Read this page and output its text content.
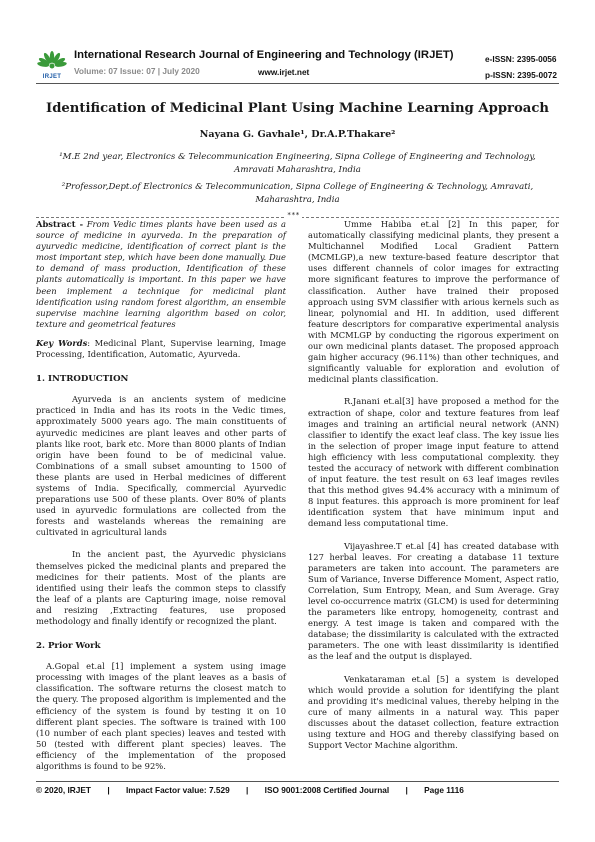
IRJET
International Research Journal of Engineering and Technology (IRJET)
Volume: 07 Issue: 07 | July 2020	www.irjet.net
e-ISSN: 2395-0056
p-ISSN: 2395-0072
Identification of Medicinal Plant Using Machine Learning Approach
Nayana G. Gavhale¹, Dr.A.P.Thakare²
¹M.E 2nd year, Electronics & Telecommunication Engineering, Sipna College of Engineering and Technology, Amravati Maharashtra, India
²Professor,Dept.of Electronics & Telecommunication, Sipna College of Engineering & Technology, Amravati, Maharashtra, India
***

Abstract - From Vedic times plants have been used as a source of medicine in ayurveda. In the preparation of ayurvedic medicine, identification of correct plant is the most important step, which have been done manually. Due to demand of mass production, Identification of these plants automatically is important. In this paper we have been implement a technique for medicinal plant identification using random forest algorithm, an ensemble supervise machine learning algorithm based on color, texture and geometrical features

Key Words: Medicinal Plant, Supervise learning, Image Processing, Identification, Automatic, Ayurveda.

1. INTRODUCTION

Ayurveda is an ancients system of medicine practiced in India and has its roots in the Vedic times, approximately 5000 years ago. The main constituents of ayurvedic medicines are plant leaves and other parts of plants like root, bark etc. More than 8000 plants of Indian origin have been found to be of medicinal value. Combinations of a small subset amounting to 1500 of these plants are used in Herbal medicines of different systems of India. Specifically, commercial Ayurvedic preparations use 500 of these plants. Over 80% of plants used in ayurvedic formulations are collected from the forests and wastelands whereas the remaining are cultivated in agricultural lands

In the ancient past, the Ayurvedic physicians themselves picked the medicinal plants and prepared the medicines for their patients. Most of the plants are identified using their leafs the common steps to classify the leaf of a plants are Capturing image, noise removal and resizing ,Extracting features, use proposed methodology and finally identify or recognized the plant.

2. Prior Work

A.Gopal et.al [1] implement a system using image processing with images of the plant leaves as a basis of classification. The software returns the closest match to the query. The proposed algorithm is implemented and the efficiency of the system is found by testing it on 10 different plant species. The software is trained with 100 (10 number of each plant species) leaves and tested with 50 (tested with different plant species) leaves. The efficiency of the implementation of the proposed algorithms is found to be 92%.

Umme Habiba et.al [2] In this paper, for automatically classifying medicinal plants, they present a Multichannel Modified Local Gradient Pattern (MCMLGP),a new texture-based feature descriptor that uses different channels of color images for extracting more significant features to improve the performance of classification. Auther have trained their proposed approach using SVM classifier with arious kernels such as linear, polynomial and HI. In addition, used different feature descriptors for comparative experimental analysis with MCMLGP by conducting the rigorous experiment on our own medicinal plants dataset. The proposed approach gain higher accuracy (96.11%) than other techniques, and significantly valuable for exploration and evolution of medicinal plants classification.

R.Janani et.al[3] have proposed a method for the extraction of shape, color and texture features from leaf images and training an artificial neural network (ANN) classifier to identify the exact leaf class. The key issue lies in the selection of proper image input feature to attend high efficiency with less computational complexity. they tested the accuracy of network with different combination of input feature. the test result on 63 leaf images reviles that this method gives 94.4% accuracy with a minimum of 8 input features. this approach is more prominent for leaf identification system that have minimum input and demand less computational time.

Vijayashree.T et.al [4] has created database with 127 herbal leaves. For creating a database 11 texture parameters are taken into account. The parameters are Sum of Variance, Inverse Difference Moment, Aspect ratio, Correlation, Sum Entropy, Mean, and Sum Average. Gray level co-occurrence matrix (GLCM) is used for determining the parameters like entropy, homogeneity, contrast and energy. A test image is taken and compared with the database; the dissimilarity is calculated with the extracted parameters. The one with least dissimilarity is identified as the leaf and the output is displayed.

Venkataraman et.al [5] a system is developed which would provide a solution for identifying the plant and providing it's medicinal values, thereby helping in the cure of many ailments in a natural way. This paper discusses about the dataset collection, feature extraction using texture and HOG and thereby classifying based on Support Vector Machine algorithm.

© 2020, IRJET | Impact Factor value: 7.529 | ISO 9001:2008 Certified Journal | Page 1116
